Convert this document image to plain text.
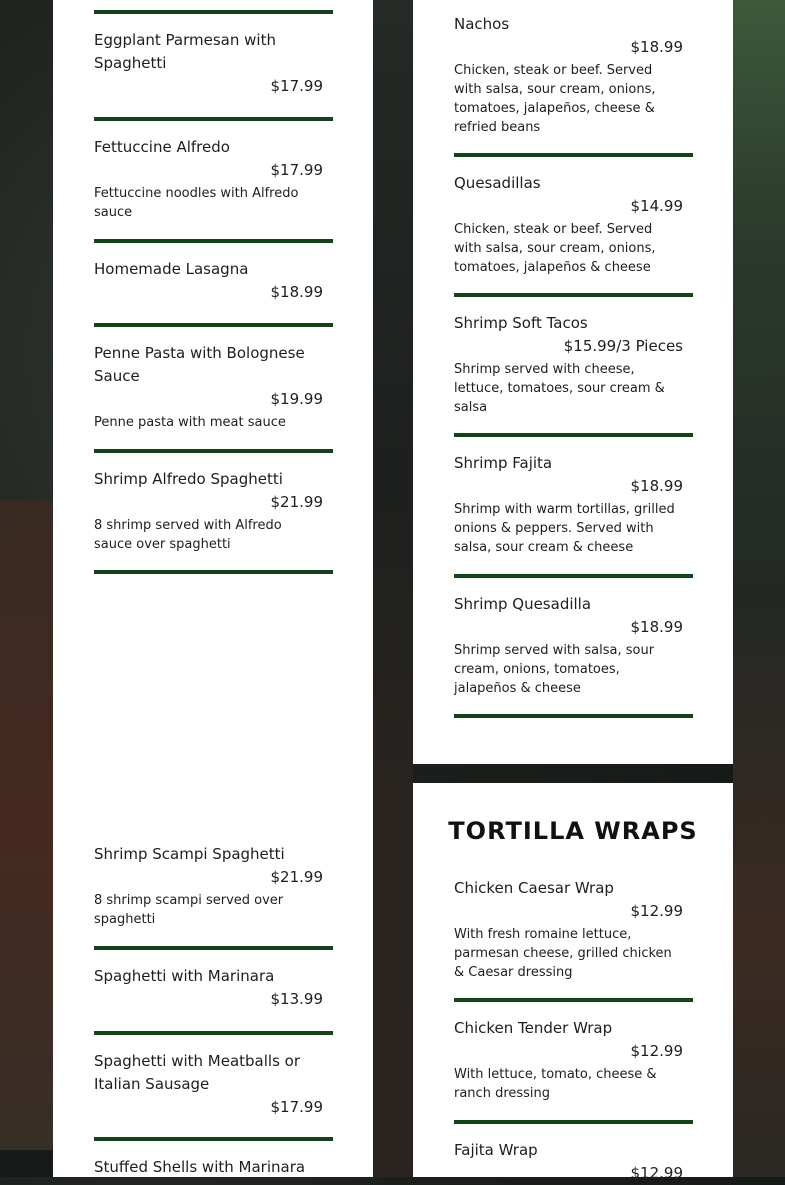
Eggplant Parmesan with Spaghetti
$17.99
Fettuccine Alfredo
$17.99
Fettuccine noodles with Alfredo sauce
Homemade Lasagna
$18.99
Penne Pasta with Bolognese Sauce
$19.99
Penne pasta with meat sauce
Shrimp Alfredo Spaghetti
$21.99
8 shrimp served with Alfredo sauce over spaghetti
Shrimp Scampi Spaghetti
$21.99
8 shrimp scampi served over spaghetti
Spaghetti with Marinara
$13.99
Spaghetti with Meatballs or Italian Sausage
$17.99
Stuffed Shells with Marinara
Nachos
$18.99
Chicken, steak or beef. Served with salsa, sour cream, onions, tomatoes, jalapeños, cheese & refried beans
Quesadillas
$14.99
Chicken, steak or beef. Served with salsa, sour cream, onions, tomatoes, jalapeños & cheese
Shrimp Soft Tacos
$15.99/3 Pieces
Shrimp served with cheese, lettuce, tomatoes, sour cream & salsa
Shrimp Fajita
$18.99
Shrimp with warm tortillas, grilled onions & peppers. Served with salsa, sour cream & cheese
Shrimp Quesadilla
$18.99
Shrimp served with salsa, sour cream, onions, tomatoes, jalapeños & cheese
TORTILLA WRAPS
Chicken Caesar Wrap
$12.99
With fresh romaine lettuce, parmesan cheese, grilled chicken & Caesar dressing
Chicken Tender Wrap
$12.99
With lettuce, tomato, cheese & ranch dressing
Fajita Wrap
$12.99
